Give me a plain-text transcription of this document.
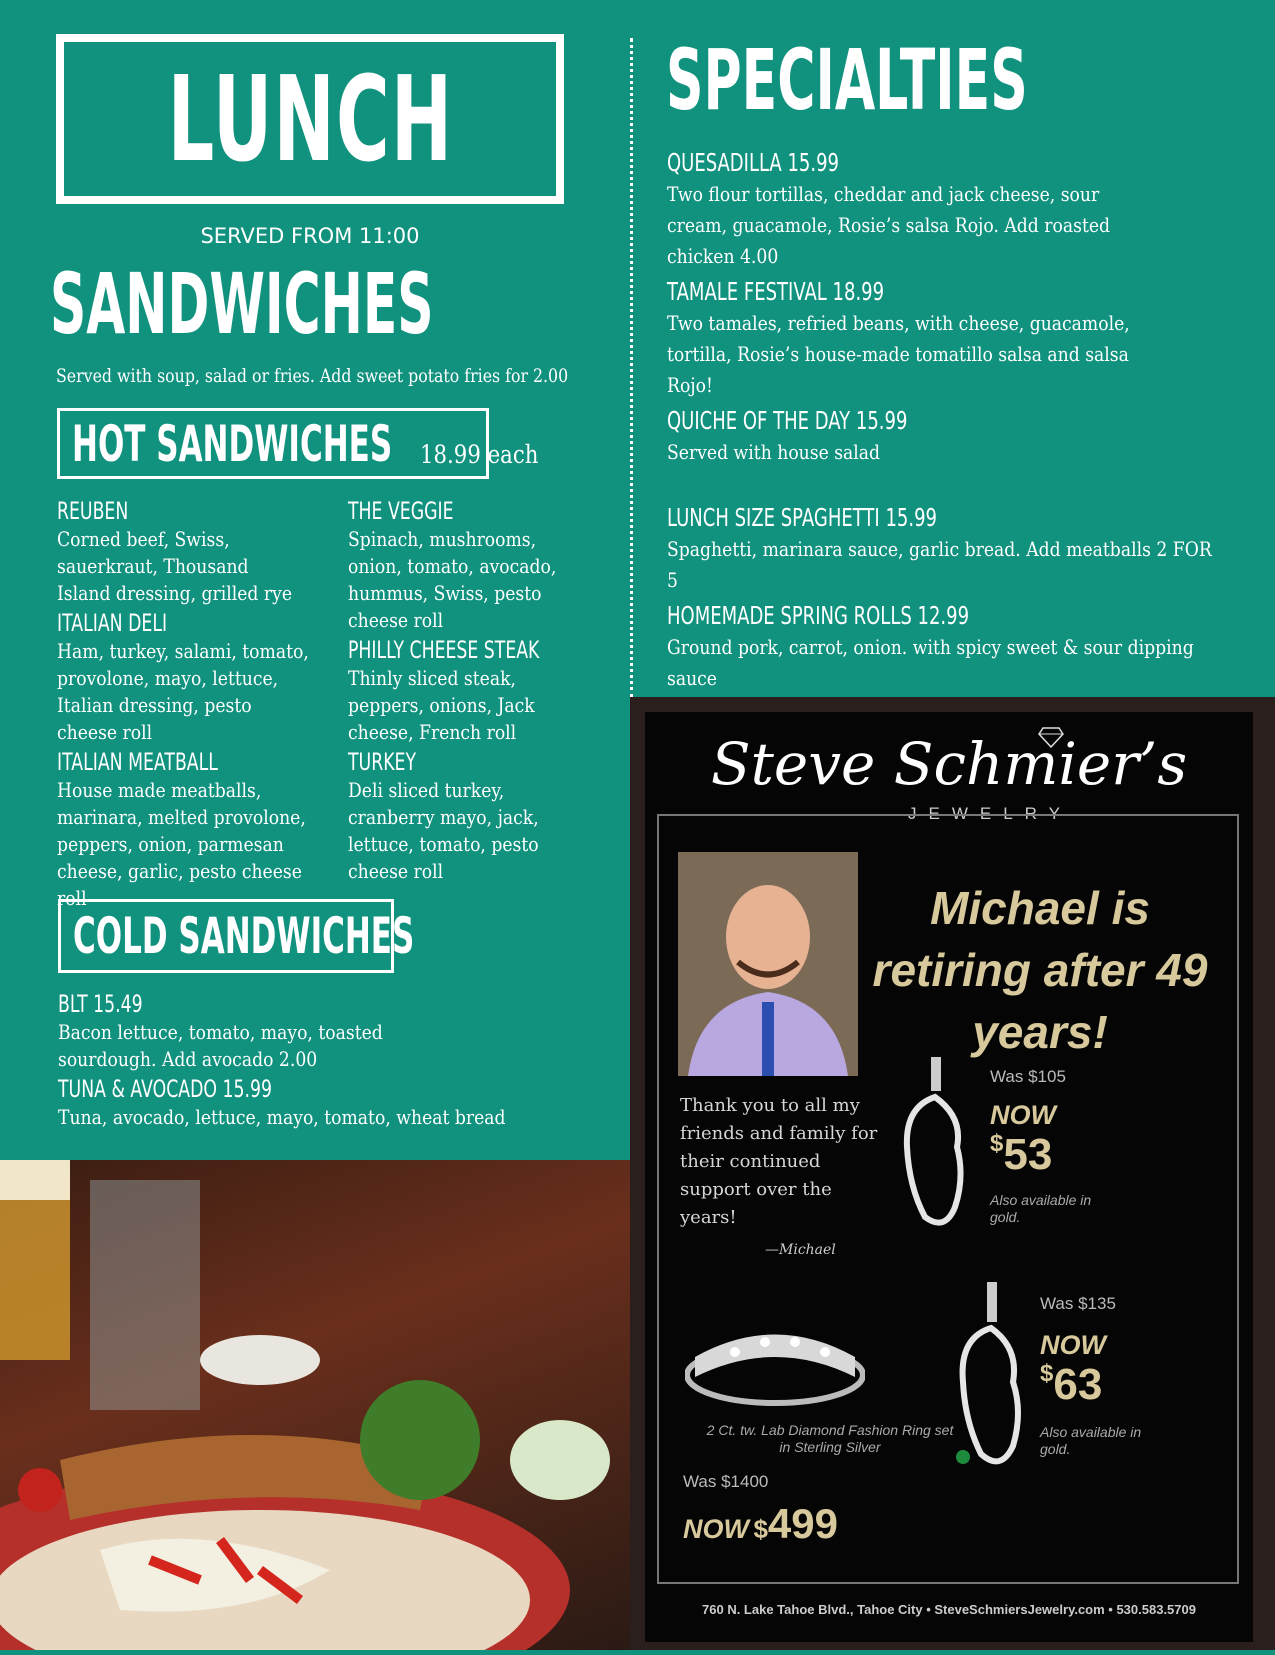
LUNCH
SERVED FROM 11:00
SANDWICHES
Served with soup, salad or fries. Add sweet potato fries for 2.00
HOT SANDWICHES 18.99 each
REUBEN
Corned beef, Swiss, sauerkraut, Thousand Island dressing, grilled rye
ITALIAN DELI
Ham, turkey, salami, tomato, provolone, mayo, lettuce, Italian dressing, pesto cheese roll
ITALIAN MEATBALL
House made meatballs, marinara, melted provolone, peppers, onion, parmesan cheese, garlic, pesto cheese roll
THE VEGGIE
Spinach, mushrooms, onion, tomato, avocado, hummus, Swiss, pesto cheese roll
PHILLY CHEESE STEAK
Thinly sliced steak, peppers, onions, Jack cheese, French roll
TURKEY
Deli sliced turkey, cranberry mayo, jack, lettuce, tomato, pesto cheese roll
COLD SANDWICHES
BLT 15.49
Bacon lettuce, tomato, mayo, toasted sourdough. Add avocado 2.00
TUNA & AVOCADO 15.99
Tuna, avocado, lettuce, mayo, tomato, wheat bread
SPECIALTIES
QUESADILLA 15.99
Two flour tortillas, cheddar and jack cheese, sour cream, guacamole, Rosie’s salsa Rojo. Add roasted chicken 4.00
TAMALE FESTIVAL 18.99
Two tamales, refried beans, with cheese, guacamole, tortilla, Rosie’s house-made tomatillo salsa and salsa Rojo!
QUICHE OF THE DAY 15.99
Served with house salad
LUNCH SIZE SPAGHETTI 15.99
Spaghetti, marinara sauce, garlic bread. Add meatballs 2 FOR 5
HOMEMADE SPRING ROLLS 12.99
Ground pork, carrot, onion. with spicy sweet & sour dipping sauce
Steve Schmier’s
JEWELRY
Michael is retiring after 49 years!
Thank you to all my friends and family for their continued support over the years!
—Michael
Was $105
NOW
$53
Also available in gold.
2 Ct. tw. Lab Diamond Fashion Ring set in Sterling Silver
Was $1400
NOW $499
Was $135
NOW
$63
Also available in gold.
760 N. Lake Tahoe Blvd., Tahoe City • SteveSchmiersJewelry.com • 530.583.5709
